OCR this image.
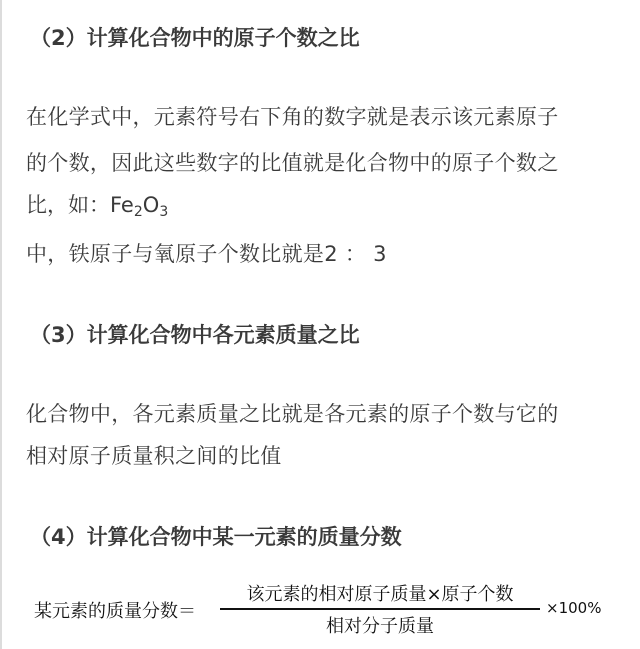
（2）计算化合物中的原子个数之比
在化学式中，元素符号右下角的数字就是表示该元素原子
的个数，因此这些数字的比值就是化合物中的原子个数之
比，如：$Fe_2O_3$
中，铁原子与氧原子个数比就是2 ： 3
（3）计算化合物中各元素质量之比
化合物中，各元素质量之比就是各元素的原子个数与它的
相对原子质量积之间的比值
（4）计算化合物中某一元素的质量分数
某元素的质量分数＝
该元素的相对原子质量×原子个数
相对分子质量
×100%
